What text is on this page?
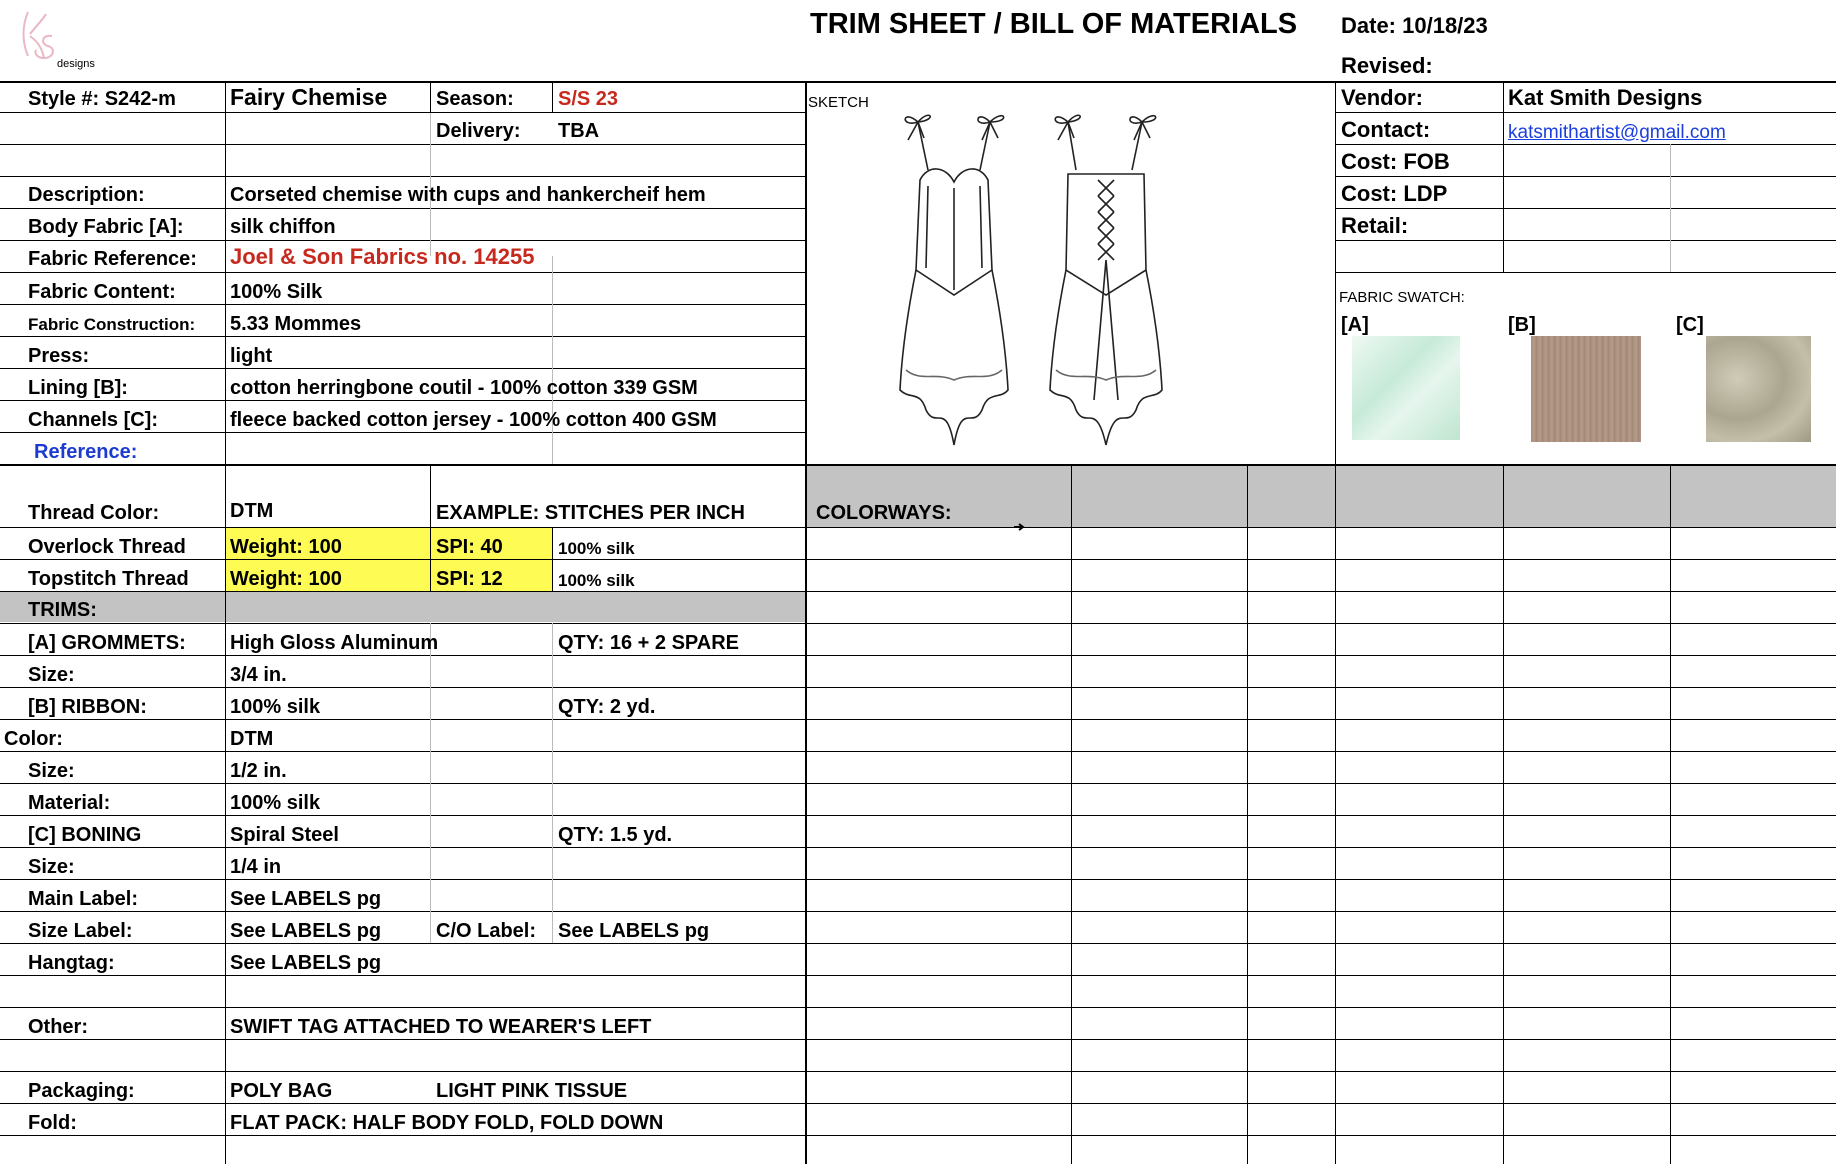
designs
TRIM SHEET / BILL OF MATERIALS Date: 10/18/23
Revised:
Style #: S242-m Fairy Chemise Season: S/S 23
Delivery: TBA
Description:	Corseted chemise with cups and hankercheif hem
Body Fabric [A]: silk chiffon
Fabric Reference: Joel & Son Fabrics no. 14255
Fabric Content:	100% Silk
Fabric Construction: 5.33 Mommes
Press:	light
Lining [B]:	cotton herringbone coutil - 100% cotton 339 GSM
Channels [C]:	fleece backed cotton jersey - 100% cotton 400 GSM
Reference:
SKETCH	Vendor:	Kat Smith Designs
Contact:	katsmithartist@gmail.com
Cost: FOB
Cost: LDP
Retail:
FABRIC SWATCH:
[A]	[B]	[C]
Thread Color:	DTM	EXAMPLE: STITCHES PER INCH	COLORWAYS:
Overlock Thread Weight: 100	SPI: 40	100% silk
Topstitch Thread Weight: 100	SPI: 12	100% silk
TRIMS:
[A] GROMMETS: High Gloss Aluminum	QTY: 16 + 2 SPARE
Size:	3/4 in.
[B] RIBBON:	100% silk	QTY: 2 yd.
Color:	DTM
Size:	1/2 in.
Material:	100% silk
[C] BONING	Spiral Steel	QTY: 1.5 yd.
Size:	1/4 in
Main Label:	See LABELS pg
Size Label:	See LABELS pg	C/O Label: See LABELS pg
Hangtag:	See LABELS pg
Other:	SWIFT TAG ATTACHED TO WEARER'S LEFT
Packaging:	POLY BAG	LIGHT PINK TISSUE
Fold:	FLAT PACK: HALF BODY FOLD, FOLD DOWN
